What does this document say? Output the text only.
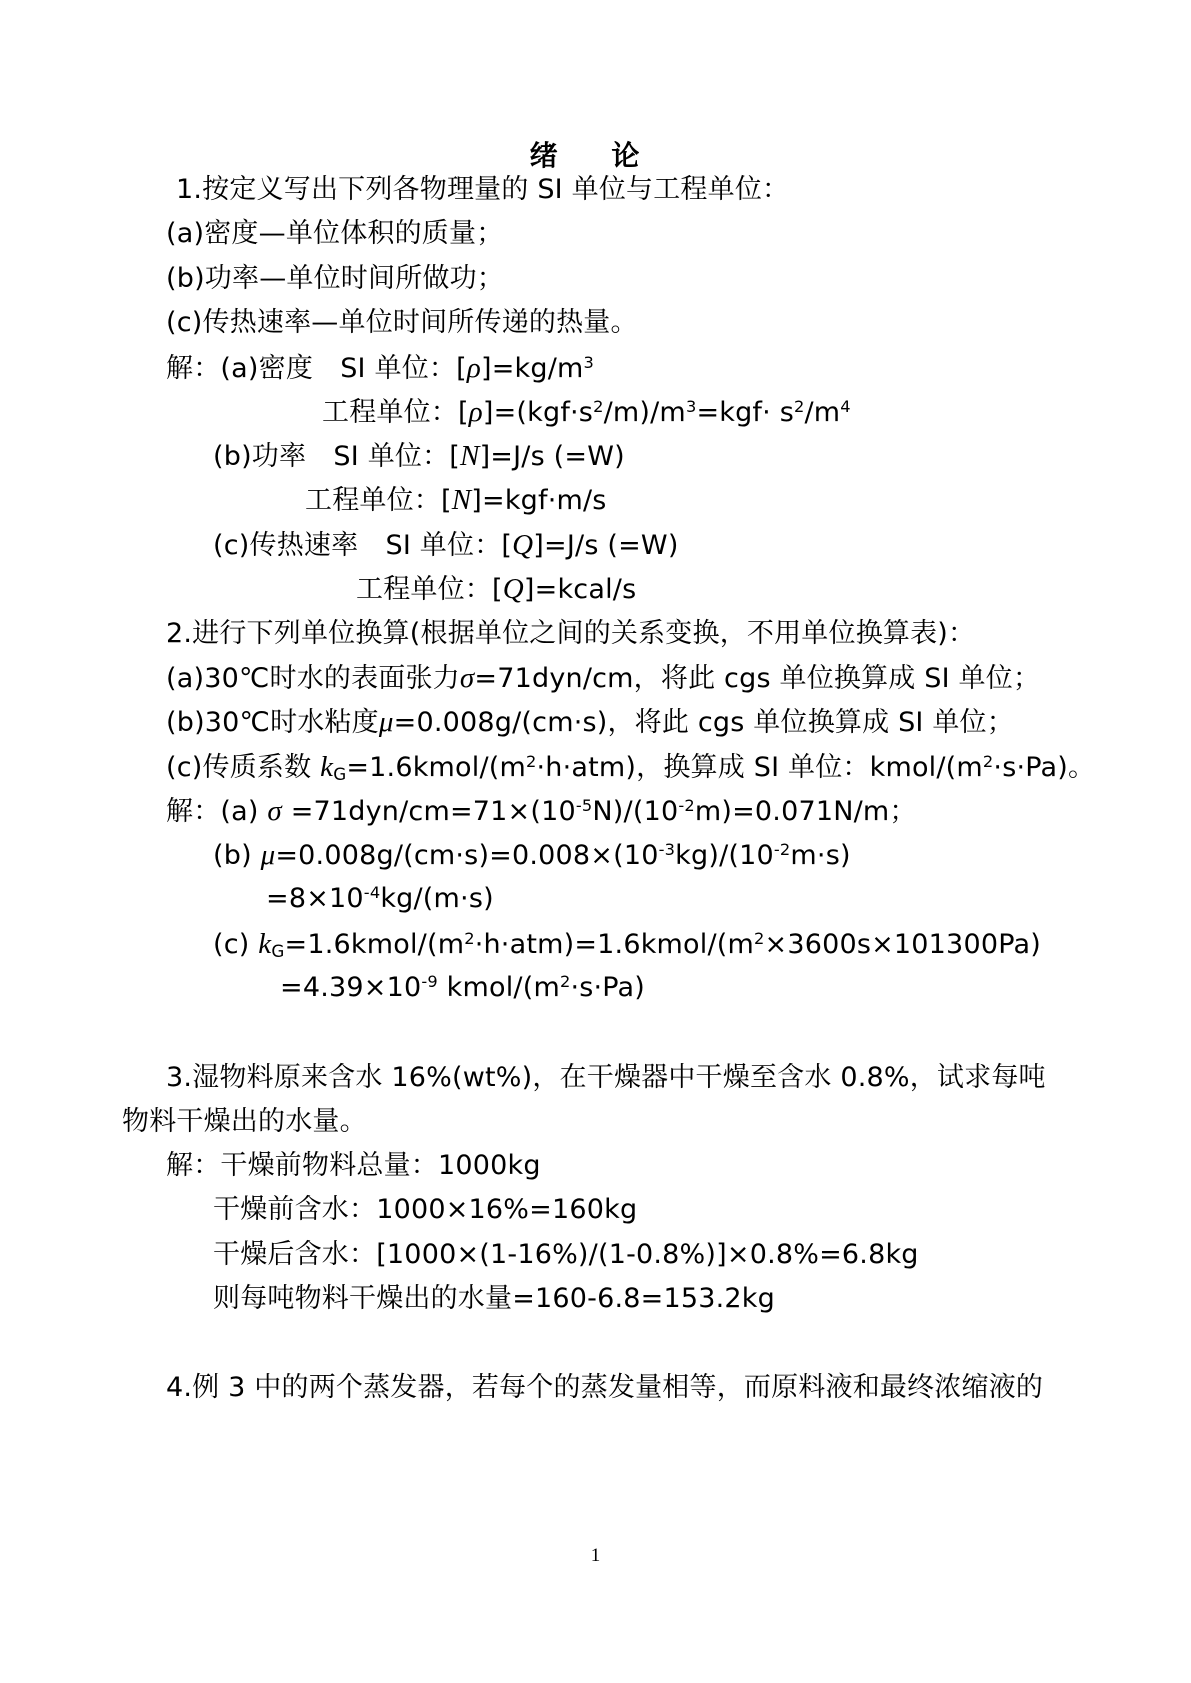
绪 论
1.按定义写出下列各物理量的 SI 单位与工程单位：
(a)密度—单位体积的质量；
(b)功率—单位时间所做功；
(c)传热速率—单位时间所传递的热量。
解：(a)密度　SI 单位：$[\rho]=kg/m^3$
工程单位：$[\rho]=(kgf\cdot s^2/m)/m^3=kgf\cdot s^2/m^4$
(b)功率　SI 单位：[N]=J/s (=W)
工程单位：[N]=kgf·m/s
(c)传热速率　SI 单位：[Q]=J/s (=W)
工程单位：[Q]=kcal/s
2.进行下列单位换算(根据单位之间的关系变换，不用单位换算表)：
(a)30℃时水的表面张力σ=71dyn/cm，将此 cgs 单位换算成 SI 单位；
(b)30℃时水粘度μ=0.008g/(cm·s)，将此 cgs 单位换算成 SI 单位；
(c)传质系数 $k_G=1.6kmol/(m^2\cdot h\cdot atm)$，换算成 SI 单位：kmol/$(m^2\cdot s\cdot Pa)$。
解：(a) $\sigma =71dyn/cm=71\times(10^{-5}N)/(10^{-2}m)=0.071N/m$；
(b) $\mu=0.008g/(cm\cdot s)=0.008\times(10^{-3}kg)/(10^{-2}m\cdot s)$
$=8\times 10^{-4}kg/(m\cdot s)$
(c) $k_G=1.6kmol/(m^2\cdot h\cdot atm)=1.6kmol/(m^2\times 3600s\times 101300Pa)$
$=4.39\times 10^{-9}$ kmol/$(m^2\cdot s\cdot Pa)$
3.湿物料原来含水 16%(wt%)，在干燥器中干燥至含水 0.8%，试求每吨
物料干燥出的水量。
解：干燥前物料总量：1000kg
干燥前含水：1000×16%=160kg
干燥后含水：[1000×(1-16%)/(1-0.8%)]×0.8%=6.8kg
则每吨物料干燥出的水量=160-6.8=153.2kg
4.例 3 中的两个蒸发器，若每个的蒸发量相等，而原料液和最终浓缩液的
1
